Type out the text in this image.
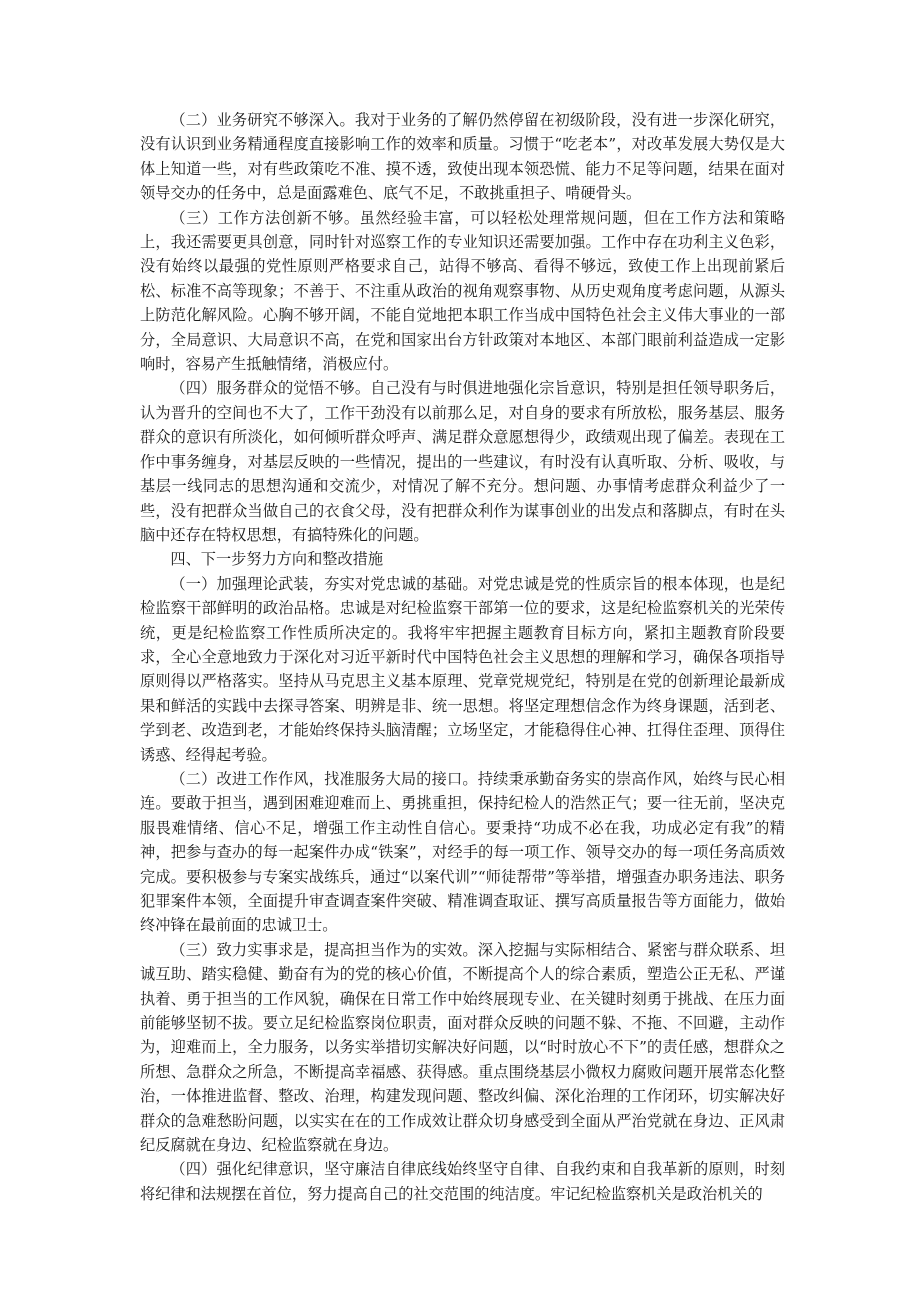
（二）业务研究不够深入。我对于业务的了解仍然停留在初级阶段，没有进一步深化研究，没有认识到业务精通程度直接影响工作的效率和质量。习惯于“吃老本”，对改革发展大势仅是大体上知道一些，对有些政策吃不准、摸不透，致使出现本领恐慌、能力不足等问题，结果在面对领导交办的任务中，总是面露难色、底气不足，不敢挑重担子、啃硬骨头。

（三）工作方法创新不够。虽然经验丰富，可以轻松处理常规问题，但在工作方法和策略上，我还需要更具创意，同时针对巡察工作的专业知识还需要加强。工作中存在功利主义色彩，没有始终以最强的党性原则严格要求自己，站得不够高、看得不够远，致使工作上出现前紧后松、标准不高等现象；不善于、不注重从政治的视角观察事物、从历史观角度考虑问题，从源头上防范化解风险。心胸不够开阔，不能自觉地把本职工作当成中国特色社会主义伟大事业的一部分，全局意识、大局意识不高，在党和国家出台方针政策对本地区、本部门眼前利益造成一定影响时，容易产生抵触情绪，消极应付。

（四）服务群众的觉悟不够。自己没有与时俱进地强化宗旨意识，特别是担任领导职务后，认为晋升的空间也不大了，工作干劲没有以前那么足，对自身的要求有所放松，服务基层、服务群众的意识有所淡化，如何倾听群众呼声、满足群众意愿想得少，政绩观出现了偏差。表现在工作中事务缠身，对基层反映的一些情况，提出的一些建议，有时没有认真听取、分析、吸收，与基层一线同志的思想沟通和交流少，对情况了解不充分。想问题、办事情考虑群众利益少了一些，没有把群众当做自己的衣食父母，没有把群众利作为谋事创业的出发点和落脚点，有时在头脑中还存在特权思想，有搞特殊化的问题。

四、下一步努力方向和整改措施

（一）加强理论武装，夯实对党忠诚的基础。对党忠诚是党的性质宗旨的根本体现，也是纪检监察干部鲜明的政治品格。忠诚是对纪检监察干部第一位的要求，这是纪检监察机关的光荣传统，更是纪检监察工作性质所决定的。我将牢牢把握主题教育目标方向，紧扣主题教育阶段要求，全心全意地致力于深化对习近平新时代中国特色社会主义思想的理解和学习，确保各项指导原则得以严格落实。坚持从马克思主义基本原理、党章党规党纪，特别是在党的创新理论最新成果和鲜活的实践中去探寻答案、明辨是非、统一思想。将坚定理想信念作为终身课题，活到老、学到老、改造到老，才能始终保持头脑清醒；立场坚定，才能稳得住心神、扛得住歪理、顶得住诱惑、经得起考验。

（二）改进工作作风，找准服务大局的接口。持续秉承勤奋务实的崇高作风，始终与民心相连。要敢于担当，遇到困难迎难而上、勇挑重担，保持纪检人的浩然正气；要一往无前，坚决克服畏难情绪、信心不足，增强工作主动性自信心。要秉持“功成不必在我，功成必定有我”的精神，把参与查办的每一起案件办成“铁案”，对经手的每一项工作、领导交办的每一项任务高质效完成。要积极参与专案实战练兵，通过“以案代训”“师徒帮带”等举措，增强查办职务违法、职务犯罪案件本领，全面提升审查调查案件突破、精准调查取证、撰写高质量报告等方面能力，做始终冲锋在最前面的忠诚卫士。

（三）致力实事求是，提高担当作为的实效。深入挖掘与实际相结合、紧密与群众联系、坦诚互助、踏实稳健、勤奋有为的党的核心价值，不断提高个人的综合素质，塑造公正无私、严谨执着、勇于担当的工作风貌，确保在日常工作中始终展现专业、在关键时刻勇于挑战、在压力面前能够坚韧不拔。要立足纪检监察岗位职责，面对群众反映的问题不躲、不拖、不回避，主动作为，迎难而上，全力服务，以务实举措切实解决好问题，以“时时放心不下”的责任感，想群众之所想、急群众之所急，不断提高幸福感、获得感。重点围绕基层小微权力腐败问题开展常态化整治，一体推进监督、整改、治理，构建发现问题、整改纠偏、深化治理的工作闭环，切实解决好群众的急难愁盼问题，以实实在在的工作成效让群众切身感受到全面从严治党就在身边、正风肃纪反腐就在身边、纪检监察就在身边。

（四）强化纪律意识，坚守廉洁自律底线始终坚守自律、自我约束和自我革新的原则，时刻将纪律和法规摆在首位，努力提高自己的社交范围的纯洁度。牢记纪检监察机关是政治机关的
